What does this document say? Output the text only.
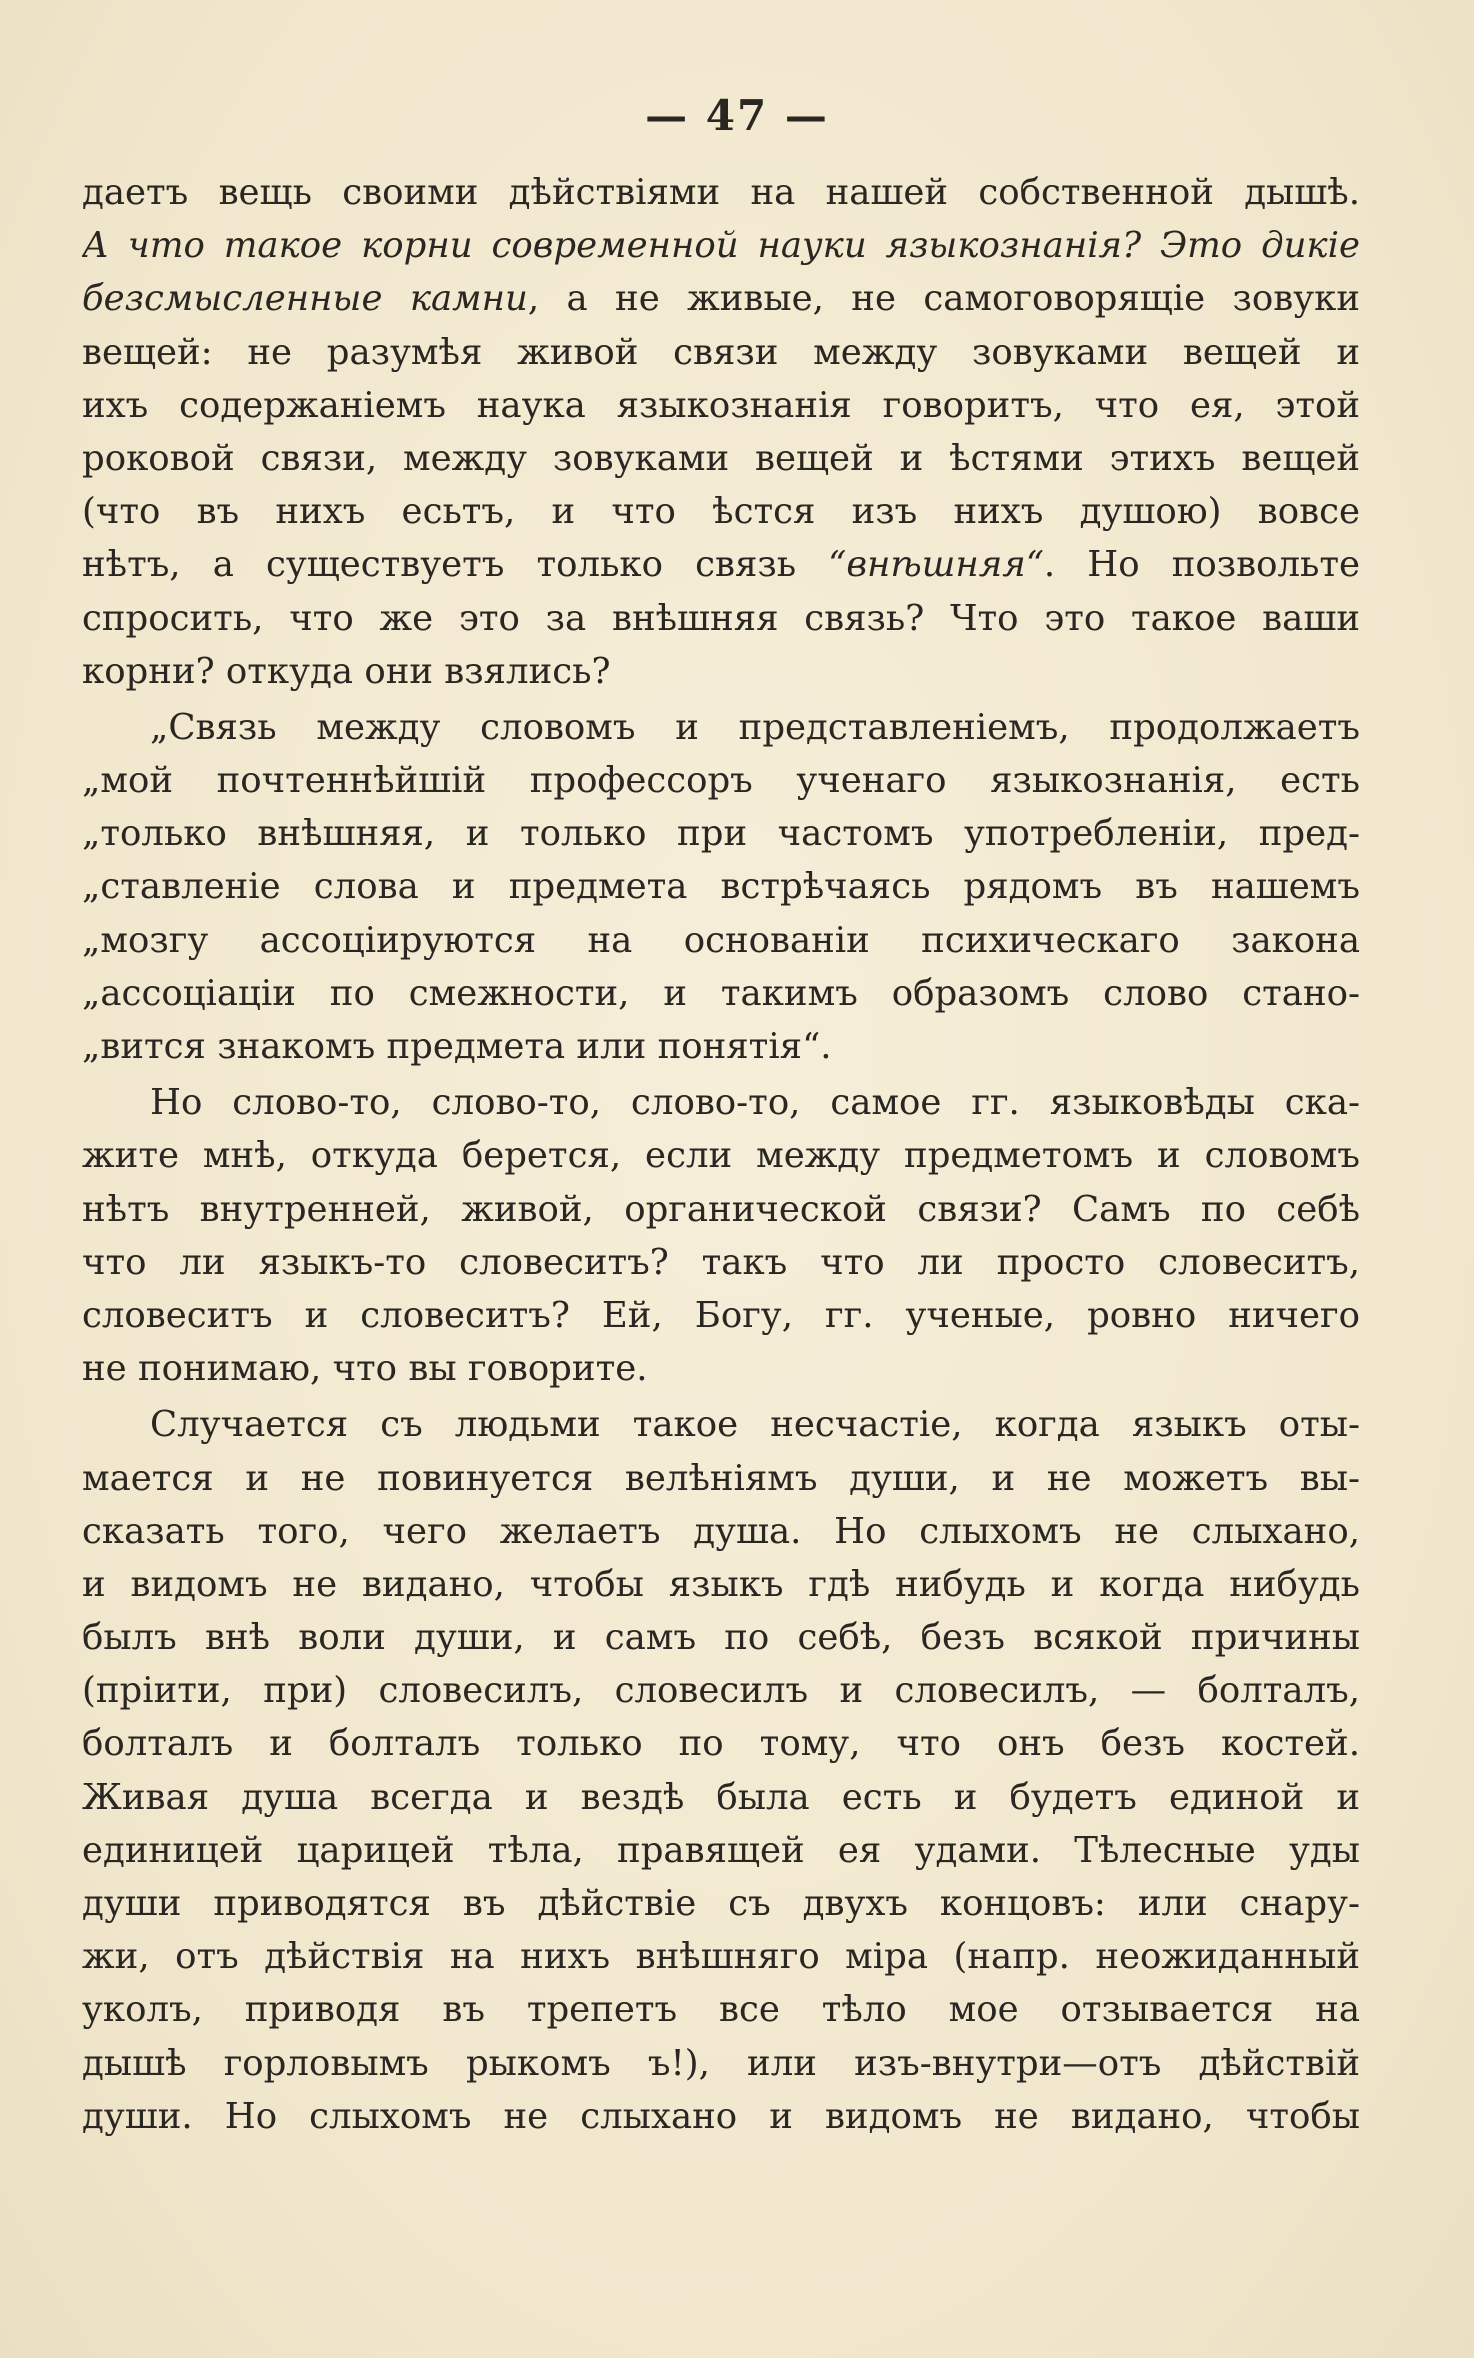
— 47 —
даетъ вещь своими дѣйствіями на нашей собственной дышѣ.
А что такое корни современной науки языкознанія? Это дикіе
безсмысленные камни, а не живые, не самоговорящіе зовуки
вещей: не разумѣя живой связи между зовуками вещей и
ихъ содержаніемъ наука языкознанія говоритъ, что ея, этой
роковой связи, между зовуками вещей и ѣстями этихъ вещей
(что въ нихъ есьтъ, и что ѣстся изъ нихъ душою) вовсе
нѣтъ, а существуетъ только связь “внѣшняя“. Но позвольте
спросить, что же это за внѣшняя связь? Что это такое ваши
корни? откуда они взялись?
„Связь между словомъ и представленіемъ, продолжаетъ
„мой почтеннѣйшій профессоръ ученаго языкознанія, есть
„только внѣшняя, и только при частомъ употребленіи, пред-
„ставленіе слова и предмета встрѣчаясь рядомъ въ нашемъ
„мозгу ассоціируются на основаніи психическаго закона
„ассоціаціи по смежности, и такимъ образомъ слово стано-
„вится знакомъ предмета или понятія“.
Но слово-то, слово-то, слово-то, самое гг. языковѣды ска-
жите мнѣ, откуда берется, если между предметомъ и словомъ
нѣтъ внутренней, живой, органической связи? Самъ по себѣ
что ли языкъ-то словеситъ? такъ что ли просто словеситъ,
словеситъ и словеситъ? Ей, Богу, гг. ученые, ровно ничего
не понимаю, что вы говорите.
Случается съ людьми такое несчастіе, когда языкъ оты-
мается и не повинуется велѣніямъ души, и не можетъ вы-
сказать того, чего желаетъ душа. Но слыхомъ не слыхано,
и видомъ не видано, чтобы языкъ гдѣ нибудь и когда нибудь
былъ внѣ воли души, и самъ по себѣ, безъ всякой причины
(пріити, при) словесилъ, словесилъ и словесилъ, — болталъ,
болталъ и болталъ только по тому, что онъ безъ костей.
Живая душа всегда и вездѣ была есть и будетъ единой и
единицей царицей тѣла, правящей ея удами. Тѣлесные уды
души приводятся въ дѣйствіе съ двухъ концовъ: или снару-
жи, отъ дѣйствія на нихъ внѣшняго міра (напр. неожиданный
уколъ, приводя въ трепетъ все тѣло мое отзывается на
дышѣ горловымъ рыкомъ ъ!), или изъ-внутри—отъ дѣйствій
души. Но слыхомъ не слыхано и видомъ не видано, чтобы
